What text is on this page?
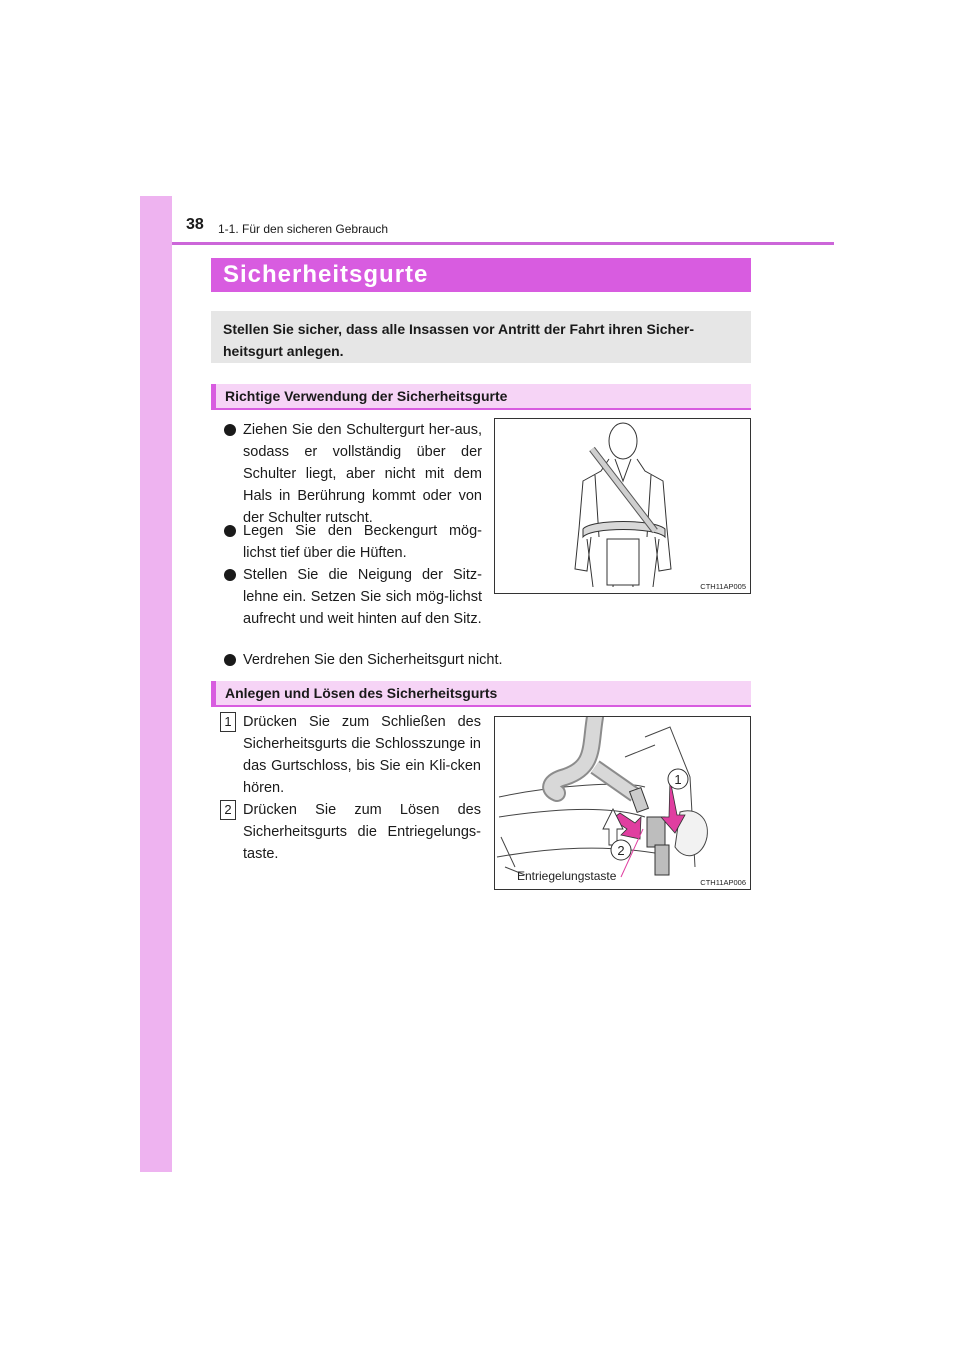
38 1-1. Für den sicheren Gebrauch
Sicherheitsgurte
Stellen Sie sicher, dass alle Insassen vor Antritt der Fahrt ihren Sicher-heitsgurt anlegen.
Richtige Verwendung der Sicherheitsgurte
Ziehen Sie den Schultergurt her-aus, sodass er vollständig über der Schulter liegt, aber nicht mit dem Hals in Berührung kommt oder von der Schulter rutscht.
Legen Sie den Beckengurt mög-lichst tief über die Hüften.
Stellen Sie die Neigung der Sitz-lehne ein. Setzen Sie sich mög-lichst aufrecht und weit hinten auf den Sitz.
Verdrehen Sie den Sicherheitsgurt nicht.
CTH11AP005
Anlegen und Lösen des Sicherheitsgurts
1 Drücken Sie zum Schließen des Sicherheitsgurts die Schlosszunge in das Gurtschloss, bis Sie ein Kli-cken hören.
2 Drücken Sie zum Lösen des Sicherheitsgurts die Entriegelungs-taste.
1
2
Entriegelungstaste	CTH11AP006
